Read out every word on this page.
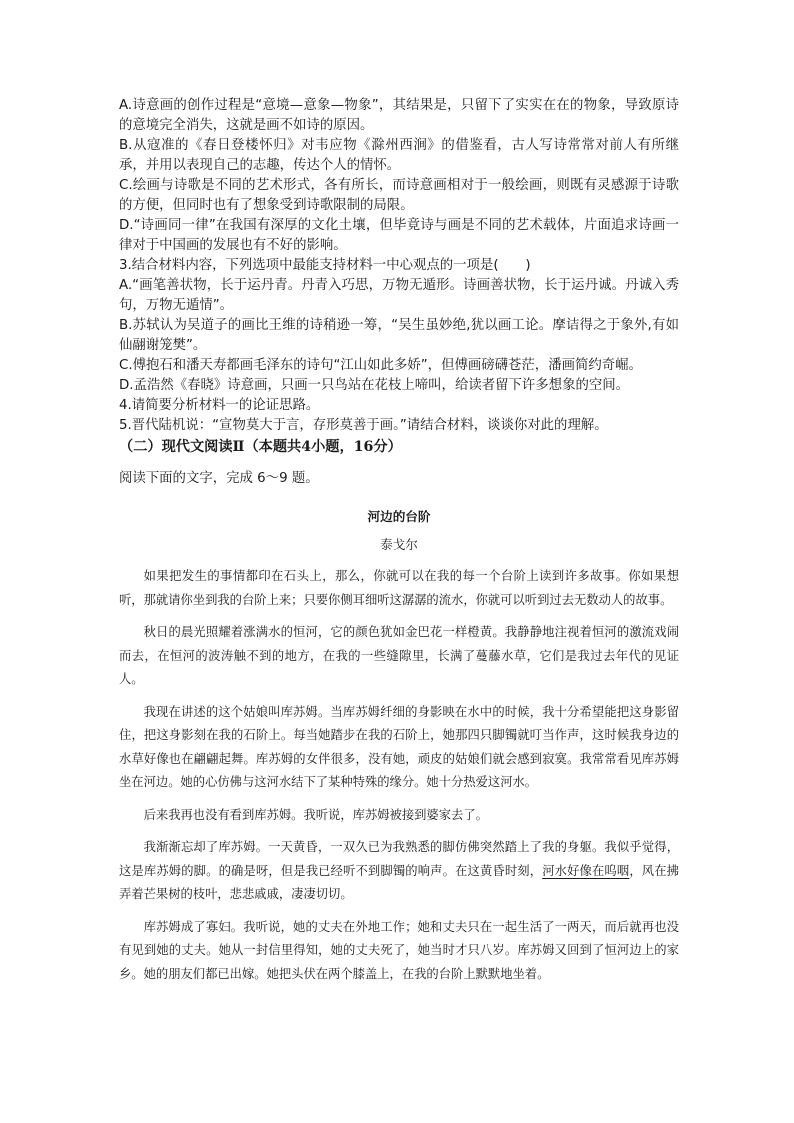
A.诗意画的创作过程是“意境—意象—物象”，其结果是，只留下了实实在在的物象，导致原诗的意境完全消失，这就是画不如诗的原因。

B.从寇准的《春日登楼怀归》对韦应物《滁州西涧》的借鉴看，古人写诗常常对前人有所继承，并用以表现自己的志趣，传达个人的情怀。

C.绘画与诗歌是不同的艺术形式，各有所长，而诗意画相对于一般绘画，则既有灵感源于诗歌的方便，但同时也有了想象受到诗歌限制的局限。

D.“诗画同一律”在我国有深厚的文化土壤，但毕竟诗与画是不同的艺术载体，片面追求诗画一律对于中国画的发展也有不好的影响。

3.结合材料内容，下列选项中最能支持材料一中心观点的一项是(　　)

A.“画笔善状物，长于运丹青。丹青入巧思，万物无遁形。诗画善状物，长于运丹诚。丹诚入秀句，万物无遁情”。

B.苏轼认为吴道子的画比王维的诗稍逊一筹，“吴生虽妙绝,犹以画工论。摩诘得之于象外,有如仙翮谢笼樊”。

C.傅抱石和潘天寿都画毛泽东的诗句“江山如此多娇”，但傅画磅礴苍茫，潘画简约奇崛。

D.孟浩然《春晓》诗意画，只画一只鸟站在花枝上啼叫，给读者留下许多想象的空间。

4.请简要分析材料一的论证思路。

5.晋代陆机说：“宣物莫大于言，存形莫善于画。”请结合材料，谈谈你对此的理解。

（二）现代文阅读Ⅱ（本题共4小题，16分）

阅读下面的文字，完成 6～9 题。

河边的台阶

泰戈尔

如果把发生的事情都印在石头上，那么，你就可以在我的每一个台阶上读到许多故事。你如果想听，那就请你坐到我的台阶上来；只要你侧耳细听这潺潺的流水，你就可以听到过去无数动人的故事。

秋日的晨光照耀着涨满水的恒河，它的颜色犹如金巴花一样橙黄。我静静地注视着恒河的激流戏闹而去，在恒河的波涛触不到的地方，在我的一些缝隙里，长满了蔓藤水草，它们是我过去年代的见证人。

我现在讲述的这个姑娘叫库苏姆。当库苏姆纤细的身影映在水中的时候，我十分希望能把这身影留住，把这身影刻在我的石阶上。每当她踏步在我的石阶上，她那四只脚镯就叮当作声，这时候我身边的水草好像也在翩翩起舞。库苏姆的女伴很多，没有她，顽皮的姑娘们就会感到寂寞。我常常看见库苏姆坐在河边。她的心仿佛与这河水结下了某种特殊的缘分。她十分热爱这河水。

后来我再也没有看到库苏姆。我听说，库苏姆被接到婆家去了。

我渐渐忘却了库苏姆。一天黄昏，一双久已为我熟悉的脚仿佛突然踏上了我的身躯。我似乎觉得，这是库苏姆的脚。的确是呀，但是我已经听不到脚镯的响声。在这黄昏时刻，河水好像在呜咽，风在拂弄着芒果树的枝叶，悲悲戚戚，凄凄切切。

库苏姆成了寡妇。我听说，她的丈夫在外地工作；她和丈夫只在一起生活了一两天，而后就再也没有见到她的丈夫。她从一封信里得知，她的丈夫死了，她当时才只八岁。库苏姆又回到了恒河边上的家乡。她的朋友们都已出嫁。她把头伏在两个膝盖上，在我的台阶上默默地坐着。
